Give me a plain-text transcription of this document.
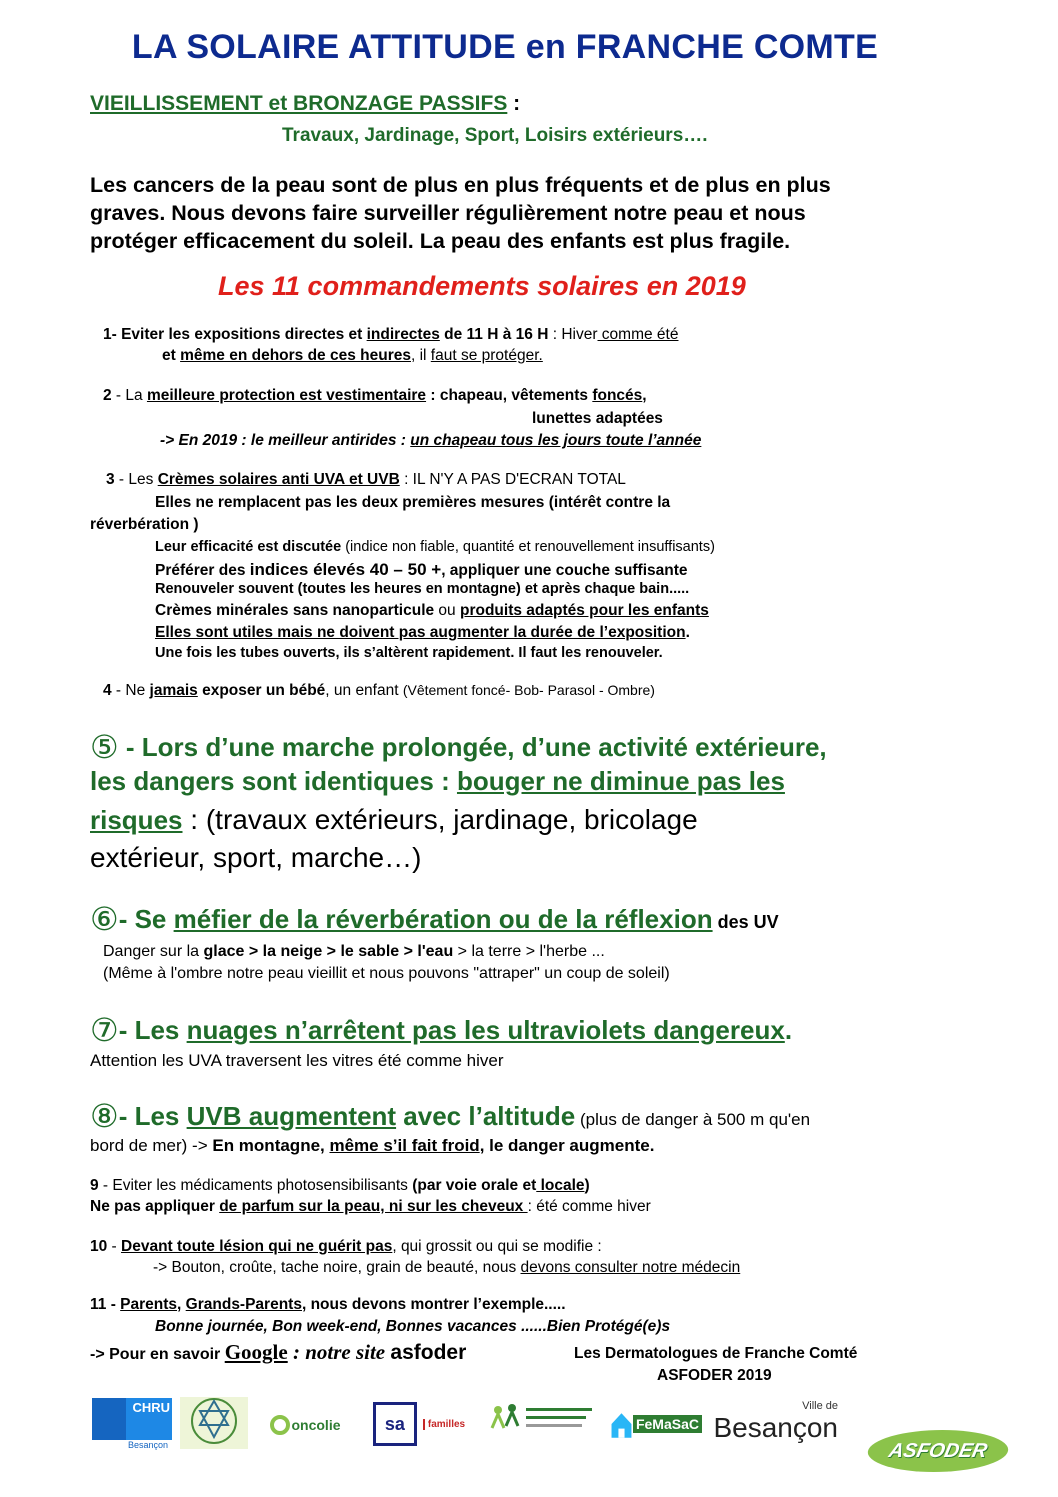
LA SOLAIRE ATTITUDE en FRANCHE COMTE
VIEILLISSEMENT et BRONZAGE PASSIFS :
Travaux, Jardinage, Sport, Loisirs extérieurs….
Les cancers de la peau sont de plus en plus fréquents et de plus en plus
graves. Nous devons faire surveiller régulièrement notre peau et nous
protéger efficacement du soleil. La peau des enfants est plus fragile.
Les 11 commandements solaires en 2019
1- Eviter les expositions directes et indirectes de 11 H à 16 H : Hiver comme été
et même en dehors de ces heures, il faut se protéger.
2 - La meilleure protection est vestimentaire : chapeau, vêtements foncés,
lunettes adaptées
-> En 2019 : le meilleur antirides : un chapeau tous les jours toute l’année
3 - Les Crèmes solaires anti UVA et UVB : IL N'Y A PAS D'ECRAN TOTAL
Elles ne remplacent pas les deux premières mesures (intérêt contre la
réverbération )
Leur efficacité est discutée (indice non fiable, quantité et renouvellement insuffisants)
Préférer des indices élevés 40 – 50 +, appliquer une couche suffisante
Renouveler souvent (toutes les heures en montagne) et après chaque bain.....
Crèmes minérales sans nanoparticule ou produits adaptés pour les enfants
Elles sont utiles mais ne doivent pas augmenter la durée de l’exposition.
Une fois les tubes ouverts, ils s’altèrent rapidement. Il faut les renouveler.
4 - Ne jamais exposer un bébé, un enfant (Vêtement foncé- Bob- Parasol - Ombre)
⑤ - Lors d’une marche prolongée, d’une activité extérieure,
les dangers sont identiques : bouger ne diminue pas les
risques : (travaux extérieurs, jardinage, bricolage
extérieur, sport, marche…)
⑥- Se méfier de la réverbération ou de la réflexion des UV
Danger sur la glace > la neige > le sable > l'eau > la terre > l'herbe ...
(Même à l'ombre notre peau vieillit et nous pouvons "attraper" un coup de soleil)
⑦- Les nuages n’arrêtent pas les ultraviolets dangereux.
Attention les UVA traversent les vitres été comme hiver
⑧- Les UVB augmentent avec l’altitude (plus de danger à 500 m qu'en
bord de mer) -> En montagne, même s’il fait froid, le danger augmente.
9 - Eviter les médicaments photosensibilisants (par voie orale et locale)
Ne pas appliquer de parfum sur la peau, ni sur les cheveux : été comme hiver
10 - Devant toute lésion qui ne guérit pas, qui grossit ou qui se modifie :
-> Bouton, croûte, tache noire, grain de beauté, nous devons consulter notre médecin
11 - Parents, Grands-Parents, nous devons montrer l’exemple.....
Bonne journée, Bon week-end, Bonnes vacances ......Bien Protégé(e)s
-> Pour en savoir Google : notre site asfoder	Les Dermatologues de Franche Comté
ASFODER 2019
CHRU
Besançon
oncolie	sa	familles	FeMaSaC
Ville de
Besançon
ASFODER
